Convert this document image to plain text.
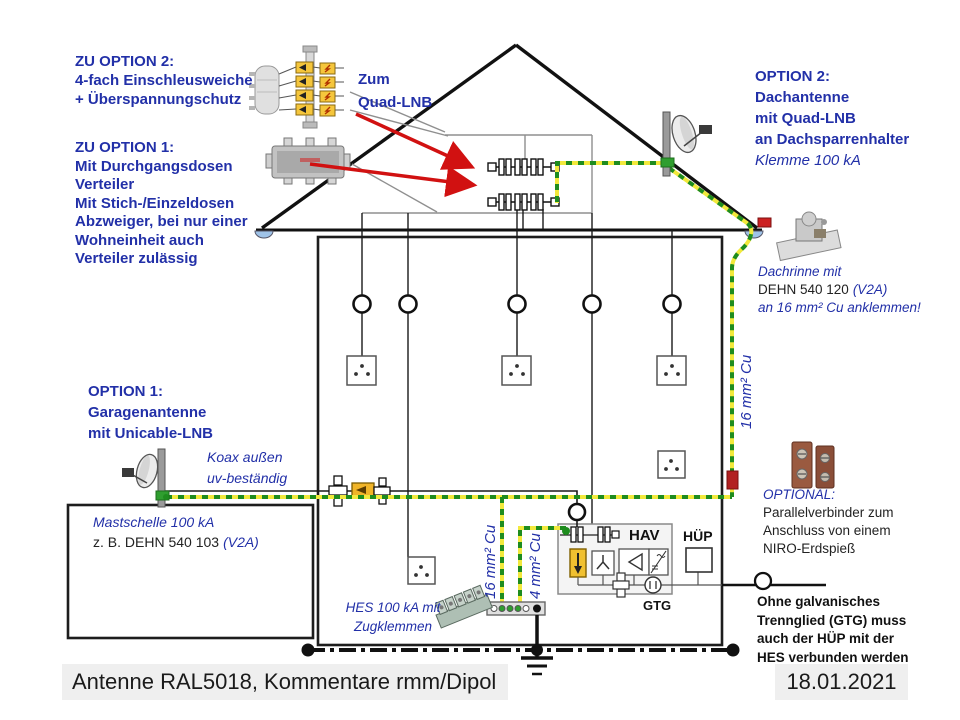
ZU OPTION 2:
4-fach Einschleusweiche
+ Überspannungschutz
ZU OPTION 1:
Mit Durchgangsdosen
Verteiler
Mit Stich-/Einzeldosen
Abzweiger, bei nur einer
Wohneinheit auch
Verteiler zulässig
Zum
Quad-LNB
OPTION 2:
Dachantenne
mit Quad-LNB
an Dachsparrenhalter
Klemme 100 kA
Dachrinne mit
DEHN 540 120 (V2A)
an 16 mm² Cu anklemmen!
OPTION 1:
Garagenantenne
mit Unicable-LNB
Koax außen
uv-beständig
Mastschelle 100 kA
z. B. DEHN 540 103 (V2A)
HES 100 kA mit
Zugklemmen
OPTIONAL:
Parallelverbinder zum
Anschluss von einem
NIRO-Erdspieß
Ohne galvanisches
Trennglied (GTG) muss
auch der HÜP mit der
HES verbunden werden
HAV HÜP
GTG
16 mm² Cu 4 mm² Cu
16 mm² Cu
Antenne RAL5018, Kommentare rmm/Dipol	18.01.2021
